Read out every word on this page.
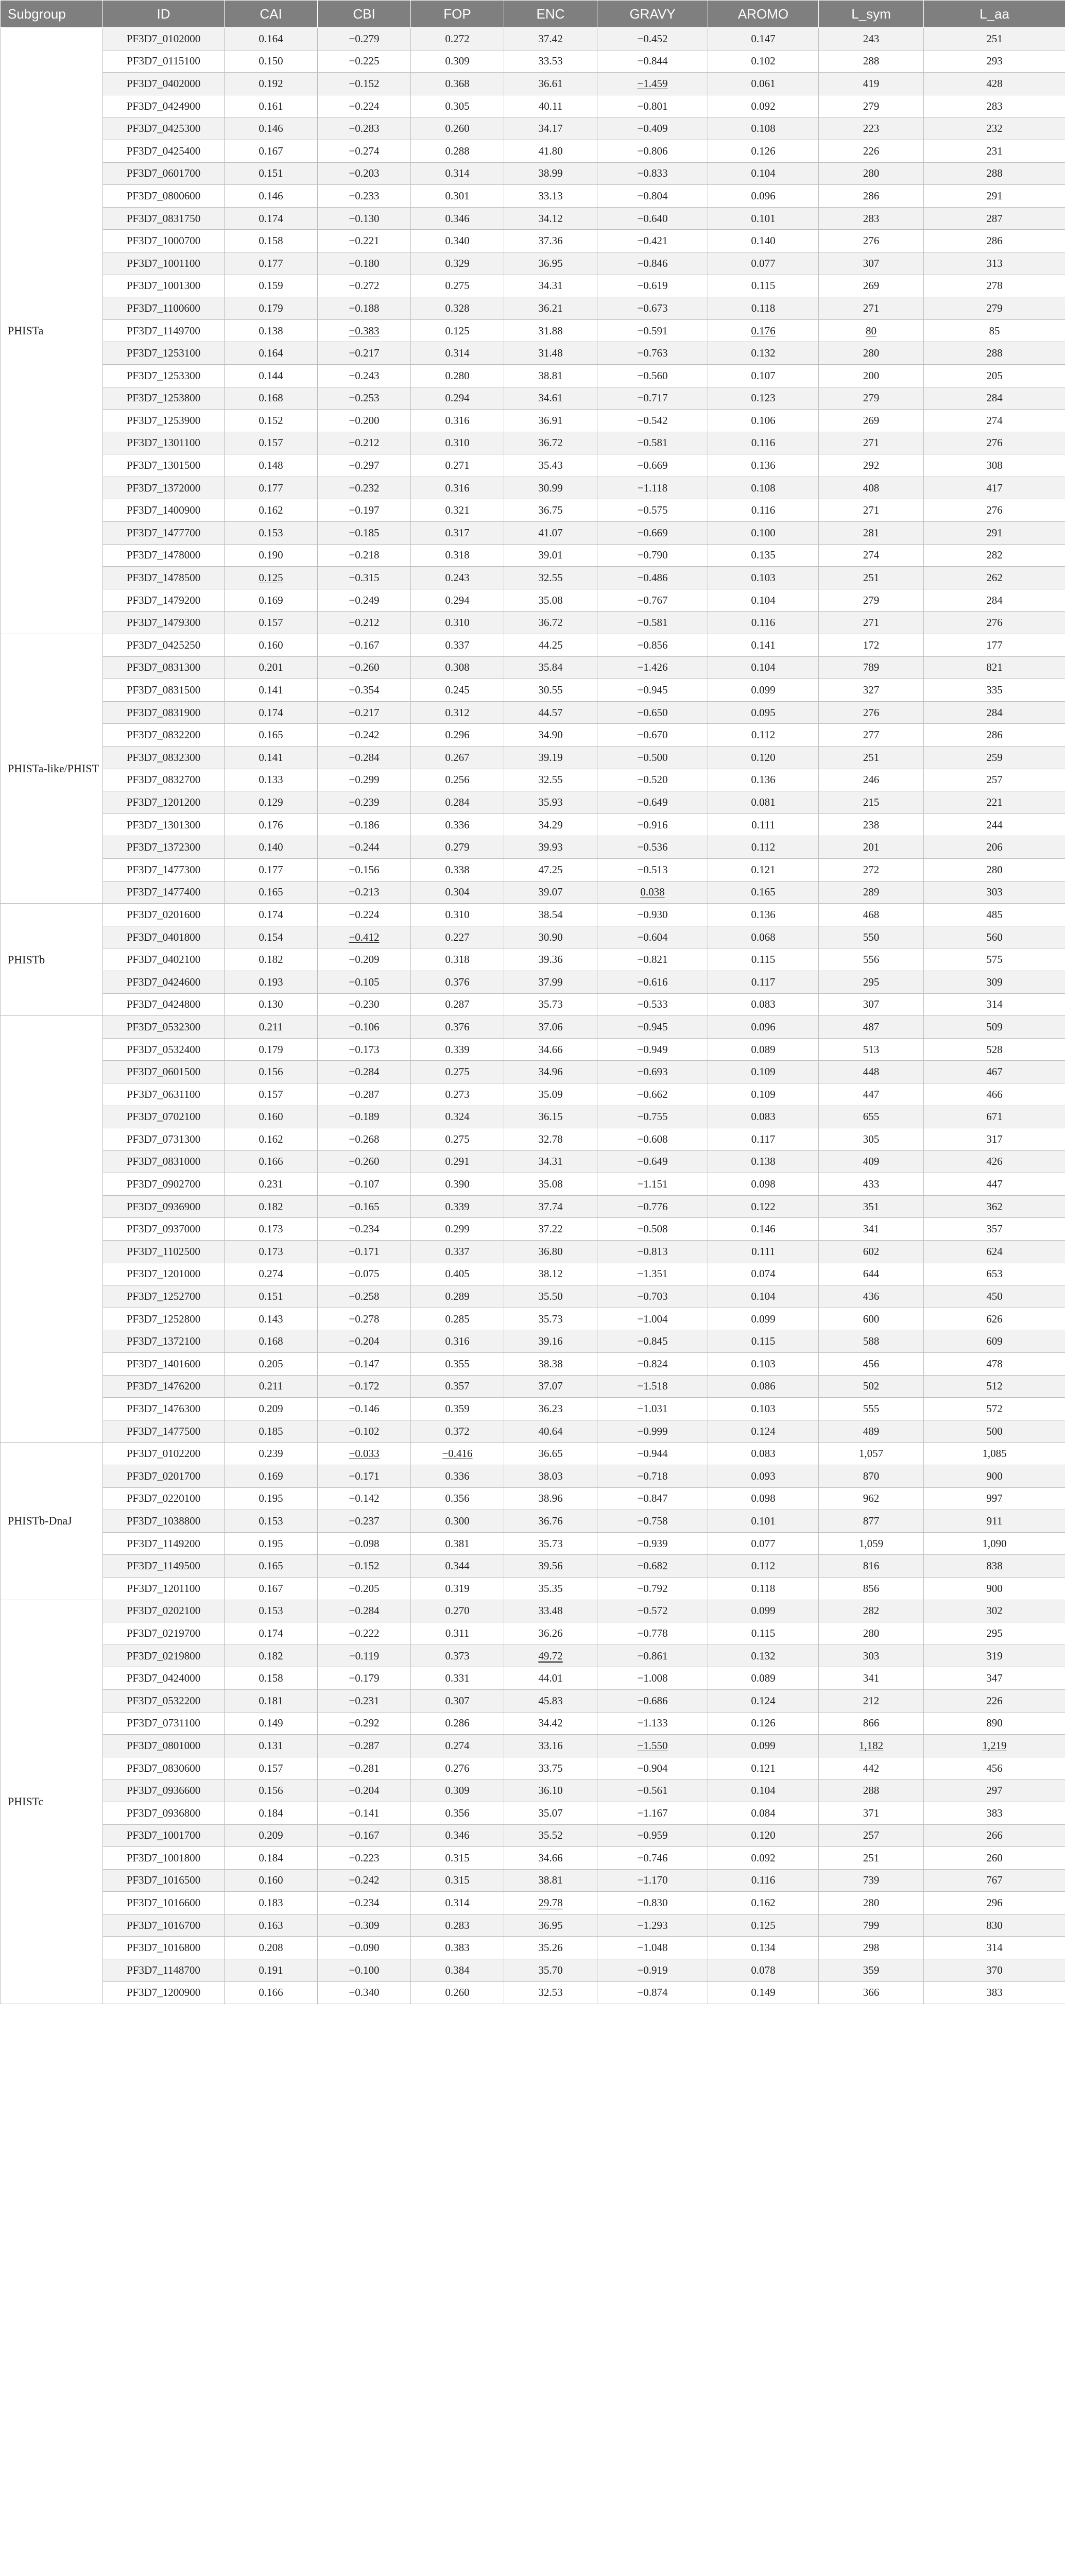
Subgroup	ID	CAI	CBI	FOP	ENC	GRAVY	AROMO	L_sym	L_aa
PHISTa	PF3D7_0102000	0.164	−0.279	0.272	37.42	−0.452	0.147	243	251
	PF3D7_0115100	0.150	−0.225	0.309	33.53	−0.844	0.102	288	293
	PF3D7_0402000	0.192	−0.152	0.368	36.61	−1.459	0.061	419	428
	PF3D7_0424900	0.161	−0.224	0.305	40.11	−0.801	0.092	279	283
	PF3D7_0425300	0.146	−0.283	0.260	34.17	−0.409	0.108	223	232
	PF3D7_0425400	0.167	−0.274	0.288	41.80	−0.806	0.126	226	231
	PF3D7_0601700	0.151	−0.203	0.314	38.99	−0.833	0.104	280	288
	PF3D7_0800600	0.146	−0.233	0.301	33.13	−0.804	0.096	286	291
	PF3D7_0831750	0.174	−0.130	0.346	34.12	−0.640	0.101	283	287
	PF3D7_1000700	0.158	−0.221	0.340	37.36	−0.421	0.140	276	286
	PF3D7_1001100	0.177	−0.180	0.329	36.95	−0.846	0.077	307	313
	PF3D7_1001300	0.159	−0.272	0.275	34.31	−0.619	0.115	269	278
	PF3D7_1100600	0.179	−0.188	0.328	36.21	−0.673	0.118	271	279
	PF3D7_1149700	0.138	−0.383	0.125	31.88	−0.591	0.176	80	85
	PF3D7_1253100	0.164	−0.217	0.314	31.48	−0.763	0.132	280	288
	PF3D7_1253300	0.144	−0.243	0.280	38.81	−0.560	0.107	200	205
	PF3D7_1253800	0.168	−0.253	0.294	34.61	−0.717	0.123	279	284
	PF3D7_1253900	0.152	−0.200	0.316	36.91	−0.542	0.106	269	274
	PF3D7_1301100	0.157	−0.212	0.310	36.72	−0.581	0.116	271	276
	PF3D7_1301500	0.148	−0.297	0.271	35.43	−0.669	0.136	292	308
	PF3D7_1372000	0.177	−0.232	0.316	30.99	−1.118	0.108	408	417
	PF3D7_1400900	0.162	−0.197	0.321	36.75	−0.575	0.116	271	276
	PF3D7_1477700	0.153	−0.185	0.317	41.07	−0.669	0.100	281	291
	PF3D7_1478000	0.190	−0.218	0.318	39.01	−0.790	0.135	274	282
	PF3D7_1478500	0.125	−0.315	0.243	32.55	−0.486	0.103	251	262
	PF3D7_1479200	0.169	−0.249	0.294	35.08	−0.767	0.104	279	284
	PF3D7_1479300	0.157	−0.212	0.310	36.72	−0.581	0.116	271	276
PHISTa-like/PHIST	PF3D7_0425250	0.160	−0.167	0.337	44.25	−0.856	0.141	172	177
	PF3D7_0831300	0.201	−0.260	0.308	35.84	−1.426	0.104	789	821
	PF3D7_0831500	0.141	−0.354	0.245	30.55	−0.945	0.099	327	335
	PF3D7_0831900	0.174	−0.217	0.312	44.57	−0.650	0.095	276	284
	PF3D7_0832200	0.165	−0.242	0.296	34.90	−0.670	0.112	277	286
	PF3D7_0832300	0.141	−0.284	0.267	39.19	−0.500	0.120	251	259
	PF3D7_0832700	0.133	−0.299	0.256	32.55	−0.520	0.136	246	257
	PF3D7_1201200	0.129	−0.239	0.284	35.93	−0.649	0.081	215	221
	PF3D7_1301300	0.176	−0.186	0.336	34.29	−0.916	0.111	238	244
	PF3D7_1372300	0.140	−0.244	0.279	39.93	−0.536	0.112	201	206
	PF3D7_1477300	0.177	−0.156	0.338	47.25	−0.513	0.121	272	280
	PF3D7_1477400	0.165	−0.213	0.304	39.07	0.038	0.165	289	303
PHISTb	PF3D7_0201600	0.174	−0.224	0.310	38.54	−0.930	0.136	468	485
	PF3D7_0401800	0.154	−0.412	0.227	30.90	−0.604	0.068	550	560
	PF3D7_0402100	0.182	−0.209	0.318	39.36	−0.821	0.115	556	575
	PF3D7_0424600	0.193	−0.105	0.376	37.99	−0.616	0.117	295	309
	PF3D7_0424800	0.130	−0.230	0.287	35.73	−0.533	0.083	307	314
	PF3D7_0532300	0.211	−0.106	0.376	37.06	−0.945	0.096	487	509
	PF3D7_0532400	0.179	−0.173	0.339	34.66	−0.949	0.089	513	528
	PF3D7_0601500	0.156	−0.284	0.275	34.96	−0.693	0.109	448	467
	PF3D7_0631100	0.157	−0.287	0.273	35.09	−0.662	0.109	447	466
	PF3D7_0702100	0.160	−0.189	0.324	36.15	−0.755	0.083	655	671
	PF3D7_0731300	0.162	−0.268	0.275	32.78	−0.608	0.117	305	317
	PF3D7_0831000	0.166	−0.260	0.291	34.31	−0.649	0.138	409	426
	PF3D7_0902700	0.231	−0.107	0.390	35.08	−1.151	0.098	433	447
	PF3D7_0936900	0.182	−0.165	0.339	37.74	−0.776	0.122	351	362
	PF3D7_0937000	0.173	−0.234	0.299	37.22	−0.508	0.146	341	357
	PF3D7_1102500	0.173	−0.171	0.337	36.80	−0.813	0.111	602	624
	PF3D7_1201000	0.274	−0.075	0.405	38.12	−1.351	0.074	644	653
	PF3D7_1252700	0.151	−0.258	0.289	35.50	−0.703	0.104	436	450
	PF3D7_1252800	0.143	−0.278	0.285	35.73	−1.004	0.099	600	626
	PF3D7_1372100	0.168	−0.204	0.316	39.16	−0.845	0.115	588	609
	PF3D7_1401600	0.205	−0.147	0.355	38.38	−0.824	0.103	456	478
	PF3D7_1476200	0.211	−0.172	0.357	37.07	−1.518	0.086	502	512
	PF3D7_1476300	0.209	−0.146	0.359	36.23	−1.031	0.103	555	572
	PF3D7_1477500	0.185	−0.102	0.372	40.64	−0.999	0.124	489	500
PHISTb-DnaJ	PF3D7_0102200	0.239	−0.033	−0.416	36.65	−0.944	0.083	1,057	1,085
	PF3D7_0201700	0.169	−0.171	0.336	38.03	−0.718	0.093	870	900
	PF3D7_0220100	0.195	−0.142	0.356	38.96	−0.847	0.098	962	997
	PF3D7_1038800	0.153	−0.237	0.300	36.76	−0.758	0.101	877	911
	PF3D7_1149200	0.195	−0.098	0.381	35.73	−0.939	0.077	1,059	1,090
	PF3D7_1149500	0.165	−0.152	0.344	39.56	−0.682	0.112	816	838
	PF3D7_1201100	0.167	−0.205	0.319	35.35	−0.792	0.118	856	900
PHISTc	PF3D7_0202100	0.153	−0.284	0.270	33.48	−0.572	0.099	282	302
	PF3D7_0219700	0.174	−0.222	0.311	36.26	−0.778	0.115	280	295
	PF3D7_0219800	0.182	−0.119	0.373	49.72	−0.861	0.132	303	319
	PF3D7_0424000	0.158	−0.179	0.331	44.01	−1.008	0.089	341	347
	PF3D7_0532200	0.181	−0.231	0.307	45.83	−0.686	0.124	212	226
	PF3D7_0731100	0.149	−0.292	0.286	34.42	−1.133	0.126	866	890
	PF3D7_0801000	0.131	−0.287	0.274	33.16	−1.550	0.099	1,182	1,219
	PF3D7_0830600	0.157	−0.281	0.276	33.75	−0.904	0.121	442	456
	PF3D7_0936600	0.156	−0.204	0.309	36.10	−0.561	0.104	288	297
	PF3D7_0936800	0.184	−0.141	0.356	35.07	−1.167	0.084	371	383
	PF3D7_1001700	0.209	−0.167	0.346	35.52	−0.959	0.120	257	266
	PF3D7_1001800	0.184	−0.223	0.315	34.66	−0.746	0.092	251	260
	PF3D7_1016500	0.160	−0.242	0.315	38.81	−1.170	0.116	739	767
	PF3D7_1016600	0.183	−0.234	0.314	29.78	−0.830	0.162	280	296
	PF3D7_1016700	0.163	−0.309	0.283	36.95	−1.293	0.125	799	830
	PF3D7_1016800	0.208	−0.090	0.383	35.26	−1.048	0.134	298	314
	PF3D7_1148700	0.191	−0.100	0.384	35.70	−0.919	0.078	359	370
	PF3D7_1200900	0.166	−0.340	0.260	32.53	−0.874	0.149	366	383
